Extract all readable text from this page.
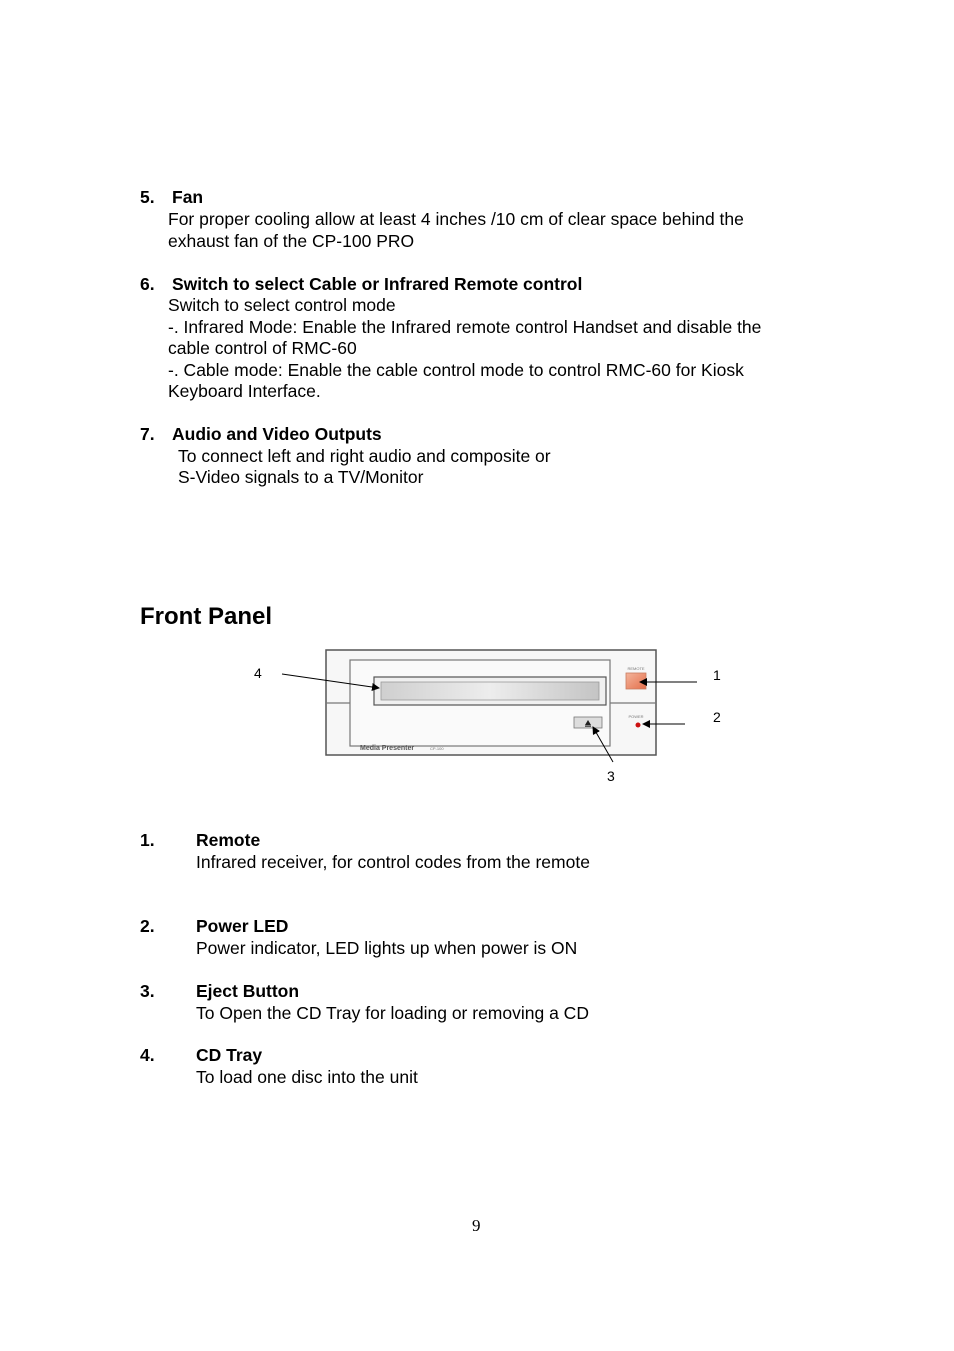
5. Fan
For proper cooling allow at least 4 inches /10 cm of clear space behind the
exhaust fan of the CP-100 PRO
6. Switch to select Cable or Infrared Remote control
Switch to select control mode
-. Infrared Mode: Enable the Infrared remote control Handset and disable the
cable control of RMC-60
-. Cable mode: Enable the cable control mode to control RMC-60 for Kiosk
Keyboard Interface.
7. Audio and Video Outputs
To connect left and right audio and composite or
S-Video signals to a TV/Monitor
Front Panel
REMOTE
POWER
Media Presenter	CP-100
4	1
2
3
1. Remote
Infrared receiver, for control codes from the remote
2. Power LED
Power indicator, LED lights up when power is ON
3. Eject Button
To Open the CD Tray for loading or removing a CD
4. CD Tray
To load one disc into the unit
9
